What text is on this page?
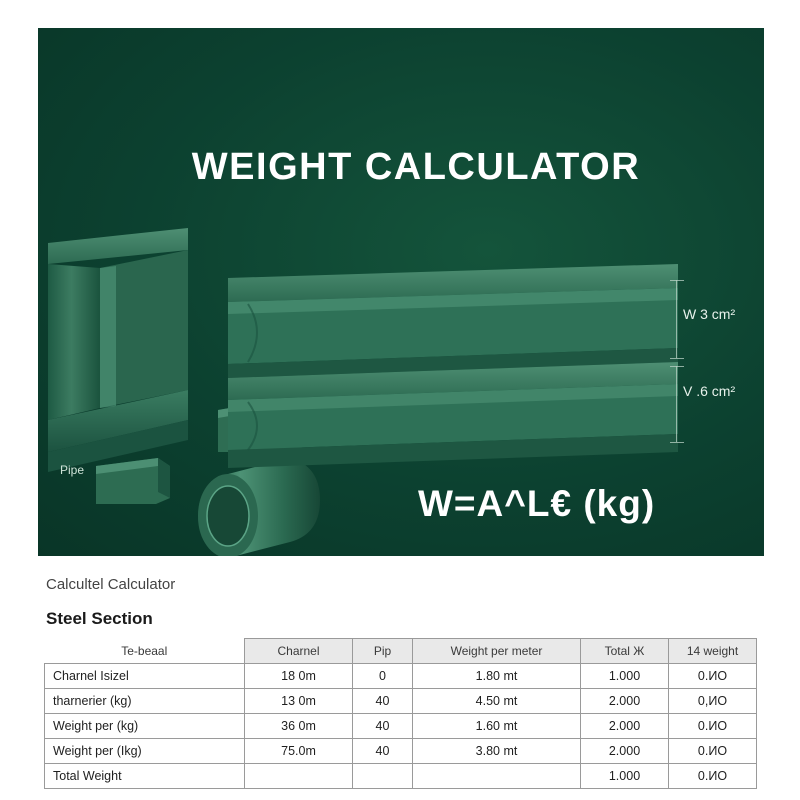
WEIGHT CALCULATOR
W 3 cm²
V .6 cm²
Pipe
W=A^L€ (kg)
Calcultel Calculator
Steel Section
Te-beaal	Charnel	Pip	Weight per meter	Total Ж	14 weight
Charnel Isizel	18 0m	0	1.80 mt	1.000	0.ИO
tharnerier (kg)	13 0m	40	4.50 mt	2.000	0,ИO
Weight per (kg)	36 0m	40	1.60 mt	2.000	0.ИO
Weight per (Іkg)	75.0m	40	3.80 mt	2.000	0.ИO
Total Weight				1.000	0.ИO
